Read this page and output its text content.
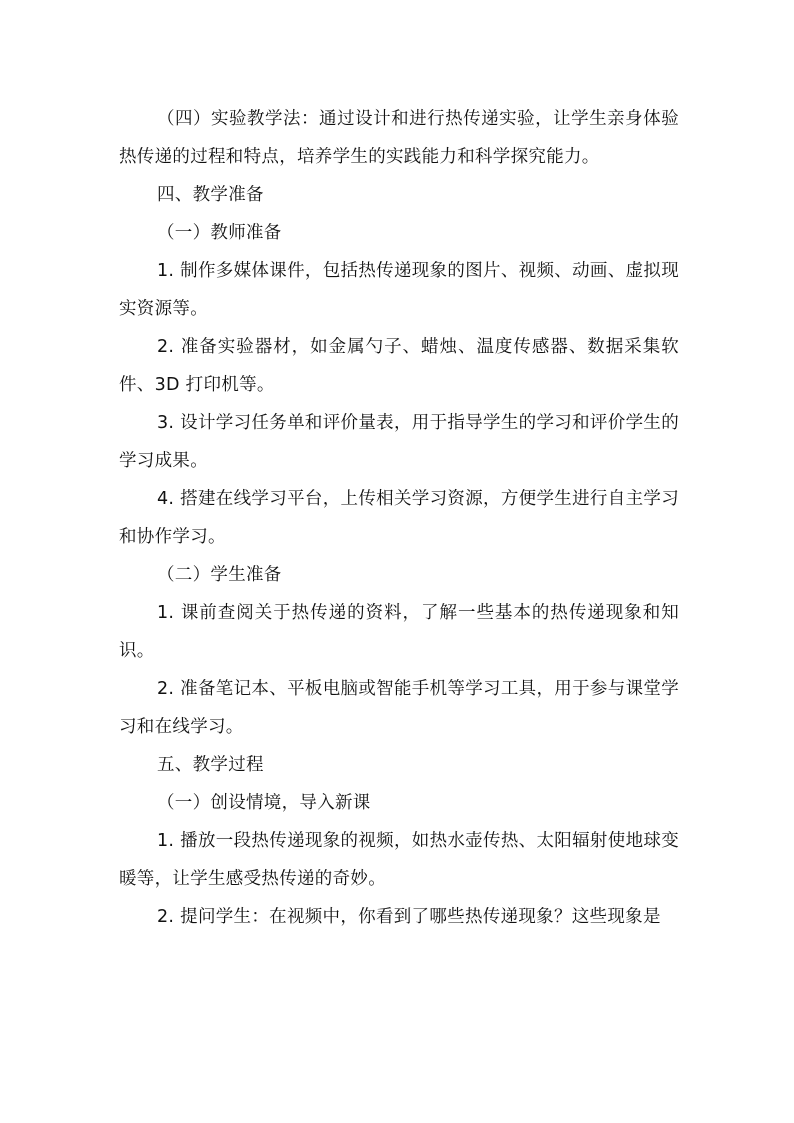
（四）实验教学法：通过设计和进行热传递实验，让学生亲身体验热传递的过程和特点，培养学生的实践能力和科学探究能力。

四、教学准备

（一）教师准备

1. 制作多媒体课件，包括热传递现象的图片、视频、动画、虚拟现实资源等。

2. 准备实验器材，如金属勺子、蜡烛、温度传感器、数据采集软件、3D 打印机等。

3. 设计学习任务单和评价量表，用于指导学生的学习和评价学生的学习成果。

4. 搭建在线学习平台，上传相关学习资源，方便学生进行自主学习和协作学习。

（二）学生准备

1. 课前查阅关于热传递的资料，了解一些基本的热传递现象和知识。

2. 准备笔记本、平板电脑或智能手机等学习工具，用于参与课堂学习和在线学习。

五、教学过程

（一）创设情境，导入新课

1. 播放一段热传递现象的视频，如热水壶传热、太阳辐射使地球变暖等，让学生感受热传递的奇妙。

2. 提问学生：在视频中，你看到了哪些热传递现象？这些现象是
